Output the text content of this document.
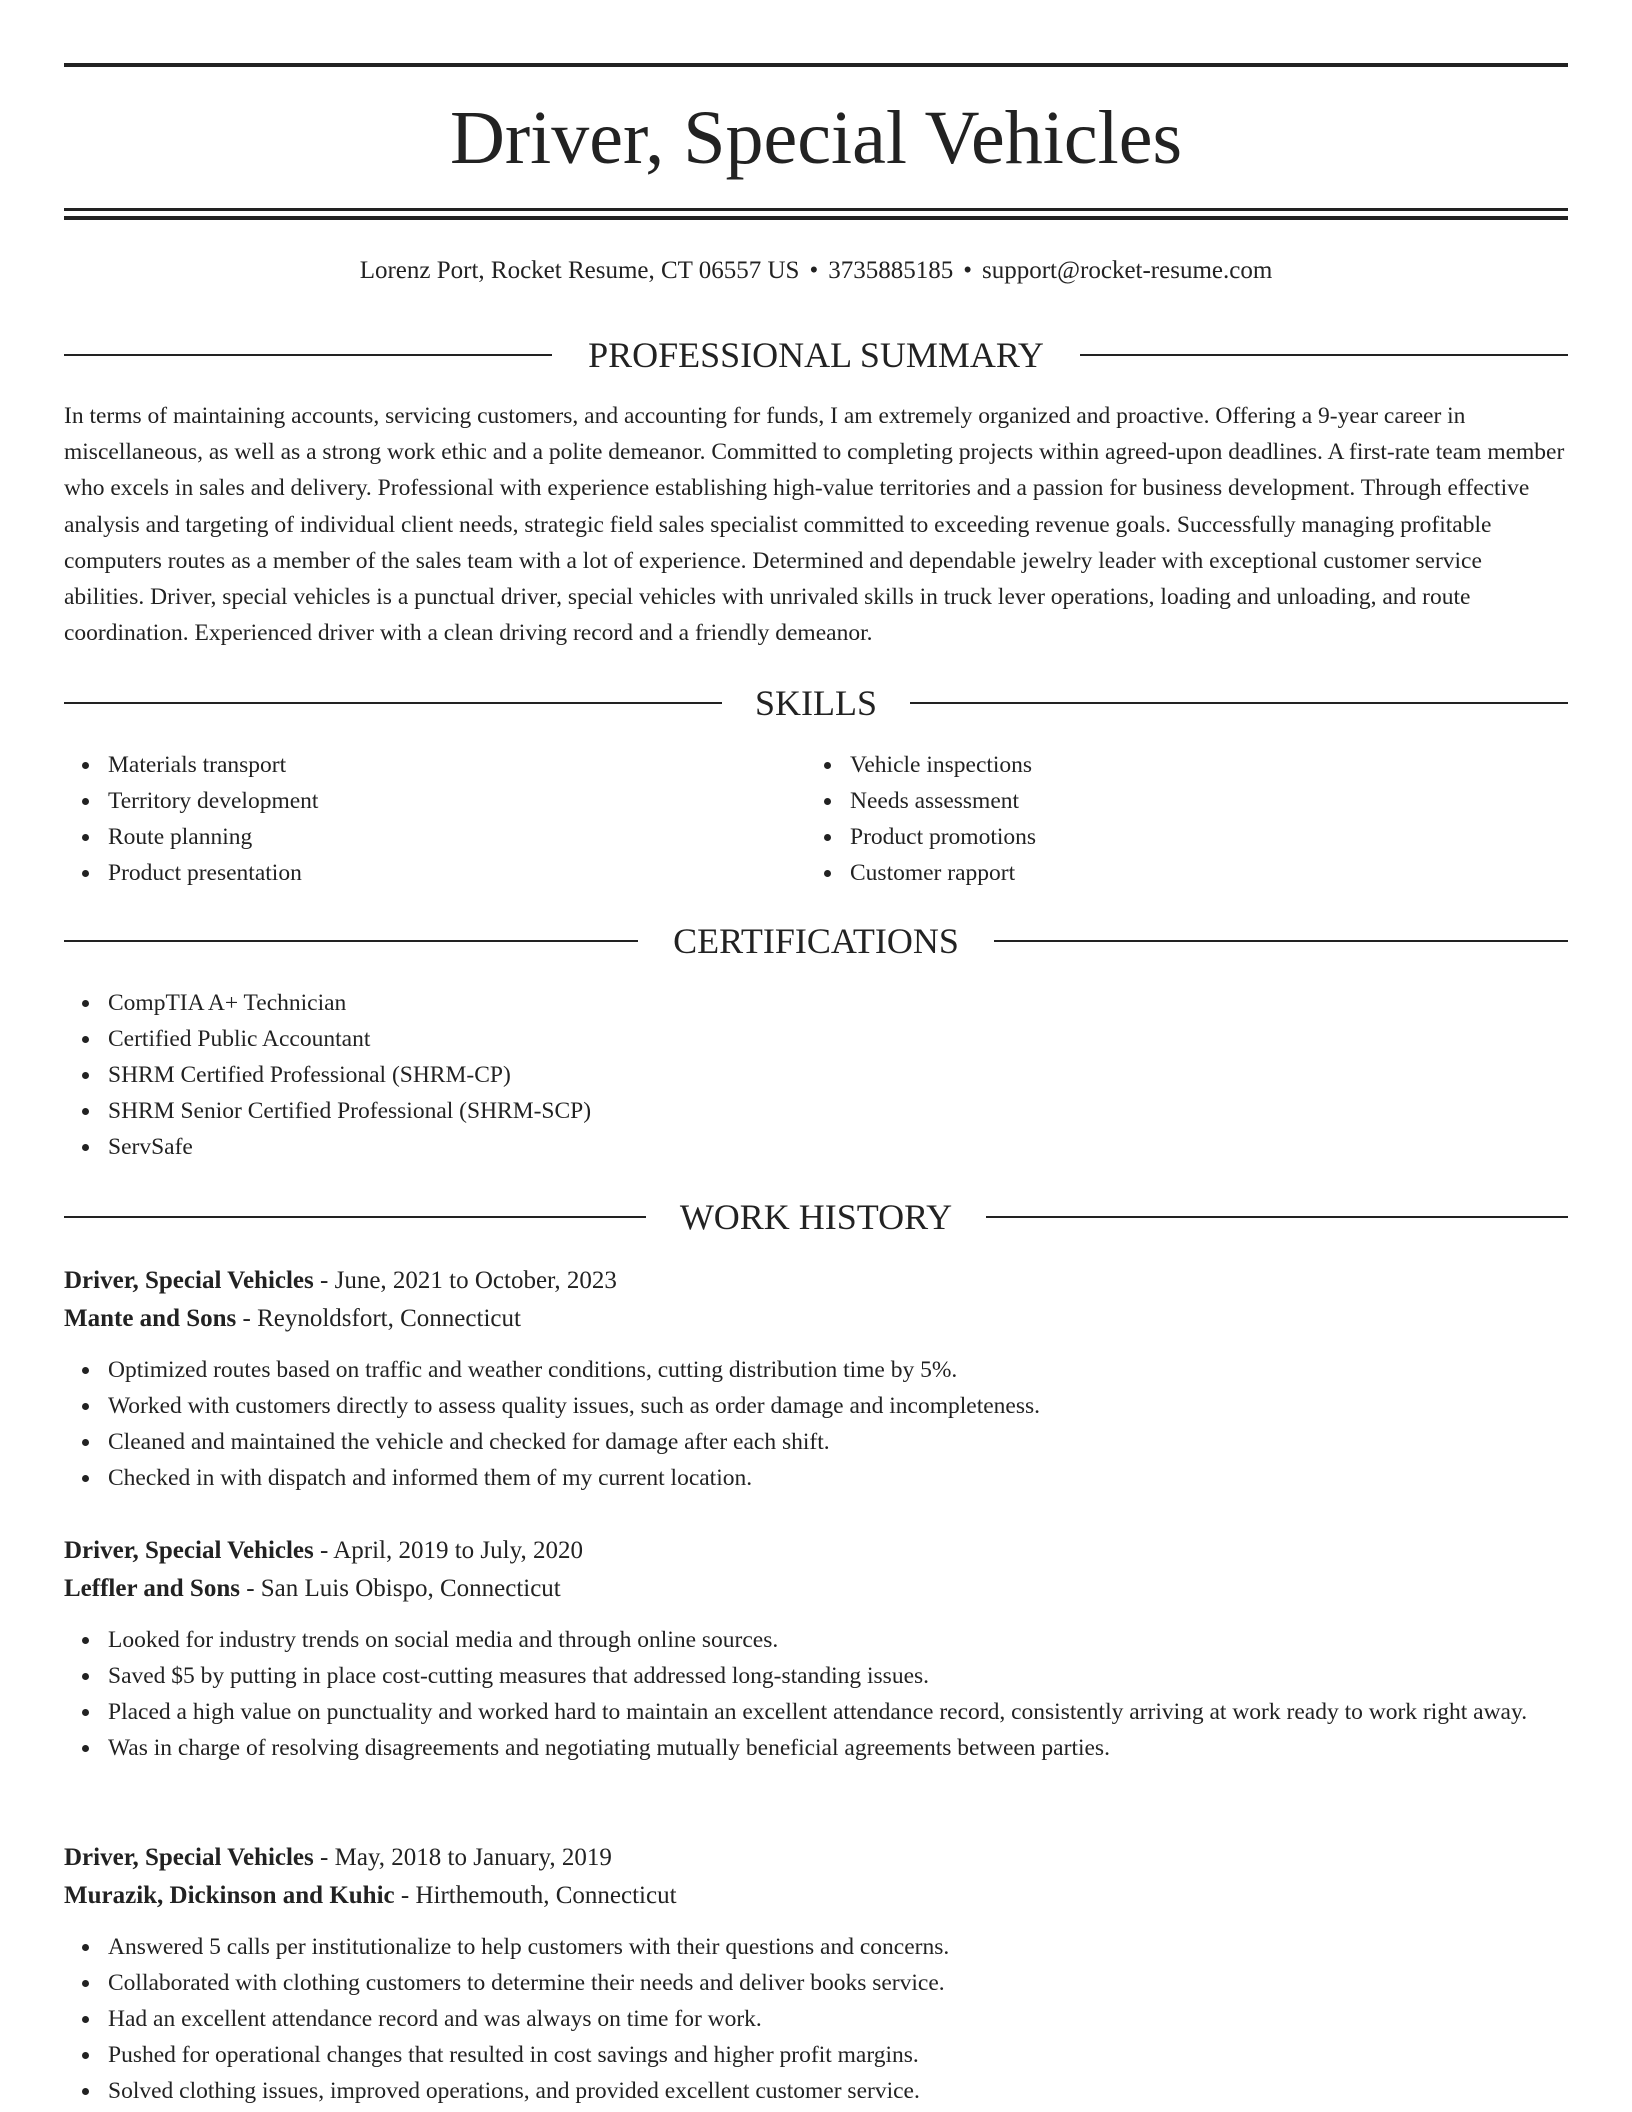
Driver, Special Vehicles
Lorenz Port, Rocket Resume, CT 06557 US • 3735885185 • support@rocket-resume.com
PROFESSIONAL SUMMARY

In terms of maintaining accounts, servicing customers, and accounting for funds, I am extremely organized and proactive. Offering a 9-year career in miscellaneous, as well as a strong work ethic and a polite demeanor. Committed to completing projects within agreed-upon deadlines. A first-rate team member who excels in sales and delivery. Professional with experience establishing high-value territories and a passion for business development. Through effective analysis and targeting of individual client needs, strategic field sales specialist committed to exceeding revenue goals. Successfully managing profitable computers routes as a member of the sales team with a lot of experience. Determined and dependable jewelry leader with exceptional customer service abilities. Driver, special vehicles is a punctual driver, special vehicles with unrivaled skills in truck lever operations, loading and unloading, and route coordination. Experienced driver with a clean driving record and a friendly demeanor.

SKILLS
Materials transport
Territory development
Route planning
Product presentation
Vehicle inspections
Needs assessment
Product promotions
Customer rapport
CERTIFICATIONS
CompTIA A+ Technician
Certified Public Accountant
SHRM Certified Professional (SHRM-CP)
SHRM Senior Certified Professional (SHRM-SCP)
ServSafe
WORK HISTORY
Driver, Special Vehicles - June, 2021 to October, 2023
Mante and Sons - Reynoldsfort, Connecticut
Optimized routes based on traffic and weather conditions, cutting distribution time by 5%.
Worked with customers directly to assess quality issues, such as order damage and incompleteness.
Cleaned and maintained the vehicle and checked for damage after each shift.
Checked in with dispatch and informed them of my current location.
Driver, Special Vehicles - April, 2019 to July, 2020
Leffler and Sons - San Luis Obispo, Connecticut
Looked for industry trends on social media and through online sources.
Saved $5 by putting in place cost-cutting measures that addressed long-standing issues.
Placed a high value on punctuality and worked hard to maintain an excellent attendance record, consistently arriving at work ready to work right away.
Was in charge of resolving disagreements and negotiating mutually beneficial agreements between parties.
Driver, Special Vehicles - May, 2018 to January, 2019
Murazik, Dickinson and Kuhic - Hirthemouth, Connecticut
Answered 5 calls per institutionalize to help customers with their questions and concerns.
Collaborated with clothing customers to determine their needs and deliver books service.
Had an excellent attendance record and was always on time for work.
Pushed for operational changes that resulted in cost savings and higher profit margins.
Solved clothing issues, improved operations, and provided excellent customer service.
